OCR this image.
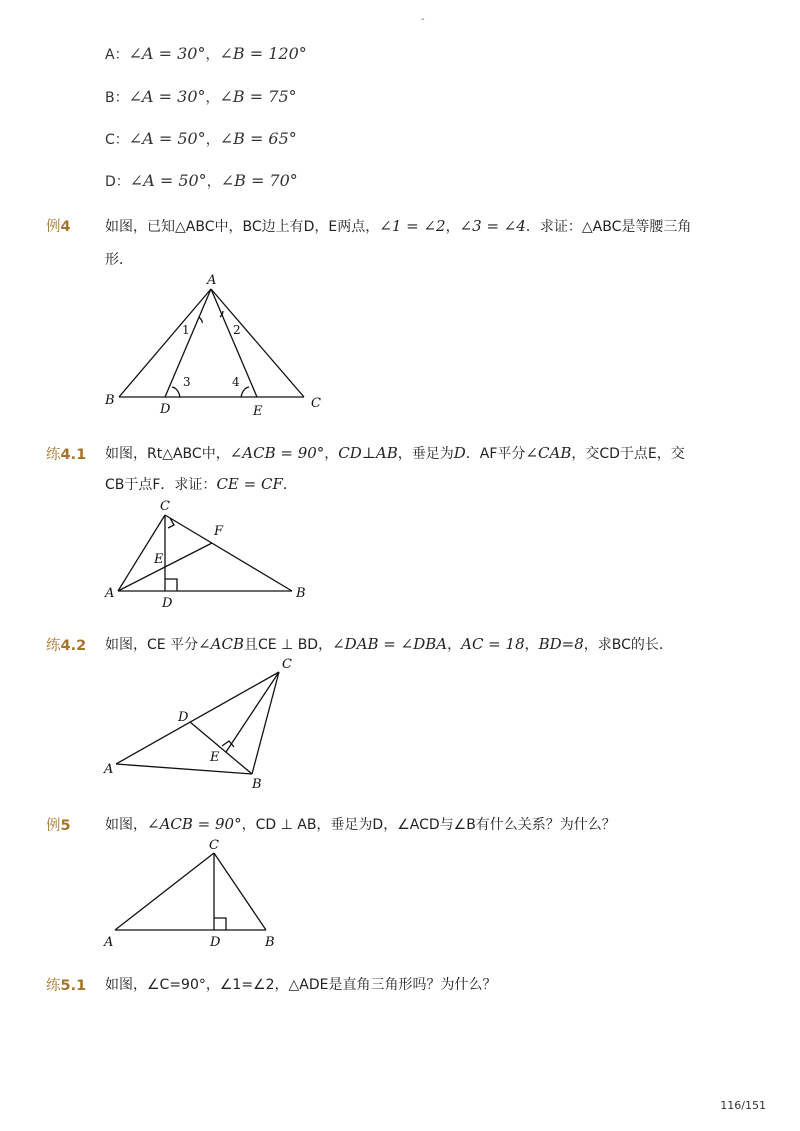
-
A：∠A = 30°，∠B = 120°
B：∠A = 30°，∠B = 75°
C：∠A = 50°，∠B = 65°
D：∠A = 50°，∠B = 70°
例4 如图，已知△ABC中，BC边上有D，E两点，∠1 = ∠2，∠3 = ∠4．求证：△ABC是等腰三角
形．
A
B	C
D	E
1	2
3	4
练4.1 如图，Rt△ABC中，∠ACB = 90°，CD⊥AB，垂足为D．AF平分∠CAB，交CD于点E，交
CB于点F．求证：CE = CF．
C
F
E
A
D
B
练4.2 如图，CE 平分∠ACB且CE ⊥ BD，∠DAB = ∠DBA，AC = 18，BD=8，求BC的长．
C
D
E
A
B
例5 如图，∠ACB = 90°，CD ⊥ AB，垂足为D，∠ACD与∠B有什么关系？为什么？
C
A	D	B
练5.1 如图，∠C=90°，∠1=∠2，△ADE是直角三角形吗？为什么？
116/151
